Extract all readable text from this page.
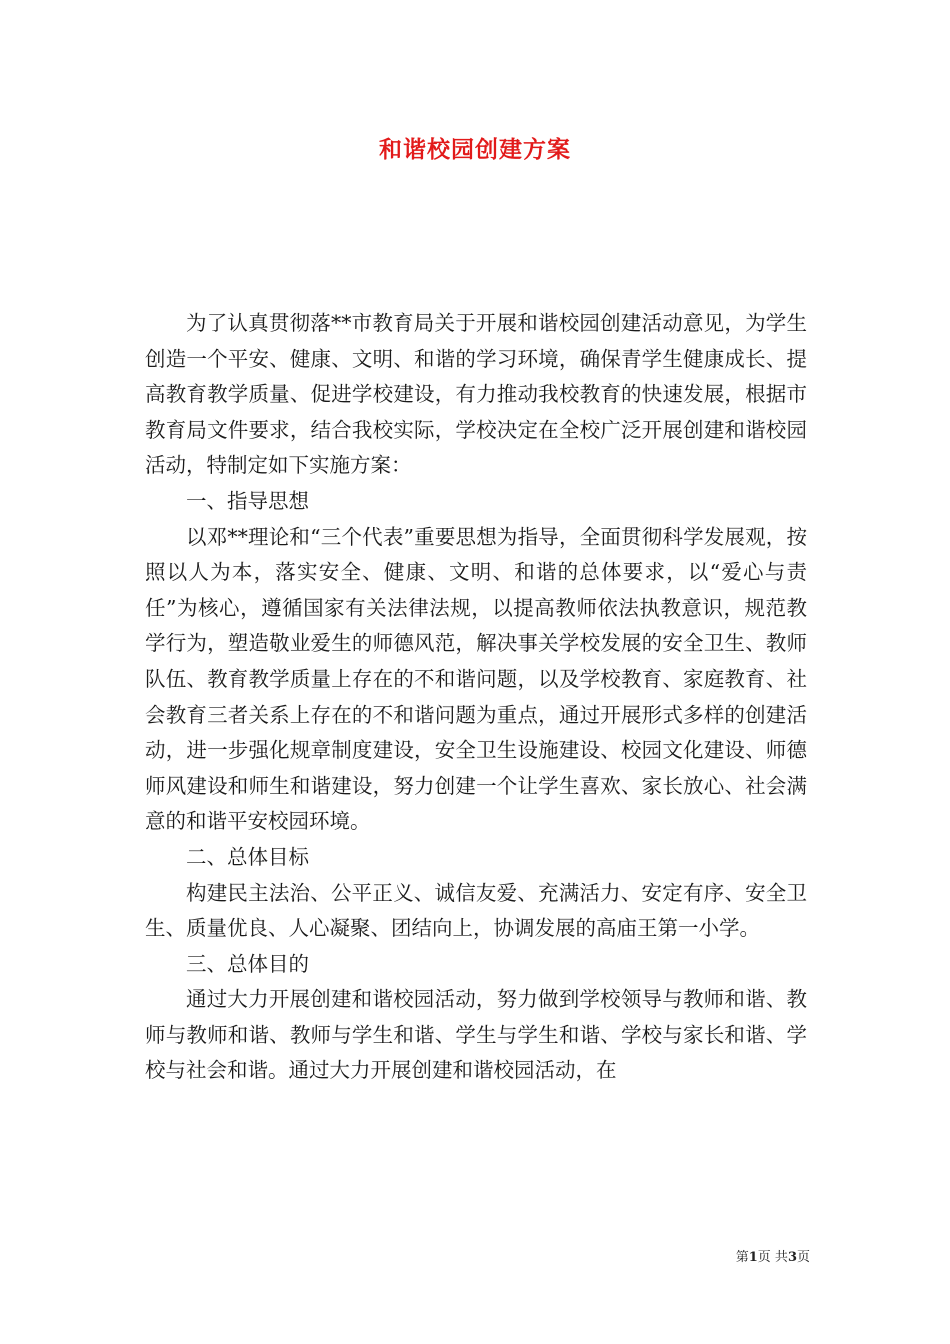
和谐校园创建方案

为了认真贯彻落**市教育局关于开展和谐校园创建活动意见，为学生创造一个平安、健康、文明、和谐的学习环境，确保青学生健康成长、提高教育教学质量、促进学校建设，有力推动我校教育的快速发展，根据市教育局文件要求，结合我校实际，学校决定在全校广泛开展创建和谐校园活动，特制定如下实施方案：

一、指导思想

以邓**理论和“三个代表”重要思想为指导，全面贯彻科学发展观，按照以人为本，落实安全、健康、文明、和谐的总体要求，以“爱心与责任”为核心，遵循国家有关法律法规，以提高教师依法执教意识，规范教学行为，塑造敬业爱生的师德风范，解决事关学校发展的安全卫生、教师队伍、教育教学质量上存在的不和谐问题，以及学校教育、家庭教育、社会教育三者关系上存在的不和谐问题为重点，通过开展形式多样的创建活动，进一步强化规章制度建设，安全卫生设施建设、校园文化建设、师德师风建设和师生和谐建设，努力创建一个让学生喜欢、家长放心、社会满意的和谐平安校园环境。

二、总体目标

构建民主法治、公平正义、诚信友爱、充满活力、安定有序、安全卫生、质量优良、人心凝聚、团结向上，协调发展的高庙王第一小学。

三、总体目的

通过大力开展创建和谐校园活动，努力做到学校领导与教师和谐、教师与教师和谐、教师与学生和谐、学生与学生和谐、学校与家长和谐、学校与社会和谐。通过大力开展创建和谐校园活动，在

第1页 共3页
